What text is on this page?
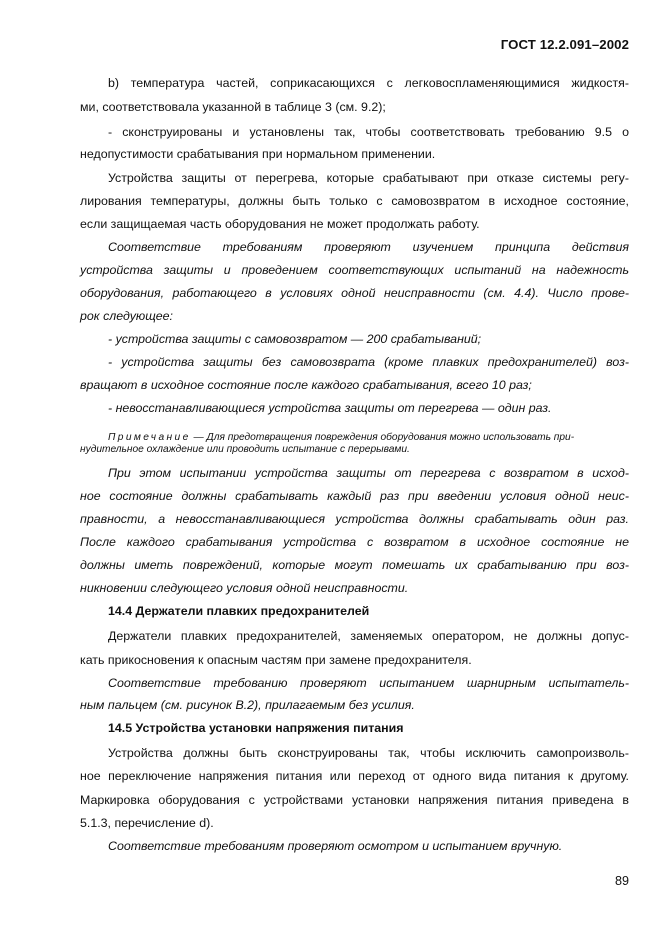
ГОСТ 12.2.091–2002
b) температура частей, соприкасающихся с легковоспламеняющимися жидкостя-
ми, соответствовала указанной в таблице 3 (см. 9.2);
- сконструированы и установлены так, чтобы соответствовать требованию 9.5 о
недопустимости срабатывания при нормальном применении.
Устройства защиты от перегрева, которые срабатывают при отказе системы регу-
лирования температуры, должны быть только с самовозвратом в исходное состояние,
если защищаемая часть оборудования не может продолжать работу.
Соответствие требованиям проверяют изучением принципа действия
устройства защиты и проведением соответствующих испытаний на надежность
оборудования, работающего в условиях одной неисправности (см. 4.4). Число прове-
рок следующее:
- устройства защиты с самовозвратом — 200 срабатываний;
- устройства защиты без самовозврата (кроме плавких предохранителей) воз-
вращают в исходное состояние после каждого срабатывания, всего 10 раз;
- невосстанавливающиеся устройства защиты от перегрева — один раз.
Примечание — Для предотвращения повреждения оборудования можно использовать при-
нудительное охлаждение или проводить испытание с перерывами.
При этом испытании устройства защиты от перегрева с возвратом в исход-
ное состояние должны срабатывать каждый раз при введении условия одной неис-
правности, а невосстанавливающиеся устройства должны срабатывать один раз.
После каждого срабатывания устройства с возвратом в исходное состояние не
должны иметь повреждений, которые могут помешать их срабатыванию при воз-
никновении следующего условия одной неисправности.
14.4 Держатели плавких предохранителей
Держатели плавких предохранителей, заменяемых оператором, не должны допус-
кать прикосновения к опасным частям при замене предохранителя.
Соответствие требованию проверяют испытанием шарнирным испытатель-
ным пальцем (см. рисунок В.2), прилагаемым без усилия.
14.5 Устройства установки напряжения питания
Устройства должны быть сконструированы так, чтобы исключить самопроизволь-
ное переключение напряжения питания или переход от одного вида питания к другому.
Маркировка оборудования с устройствами установки напряжения питания приведена в
5.1.3, перечисление d).
Соответствие требованиям проверяют осмотром и испытанием вручную.
89
